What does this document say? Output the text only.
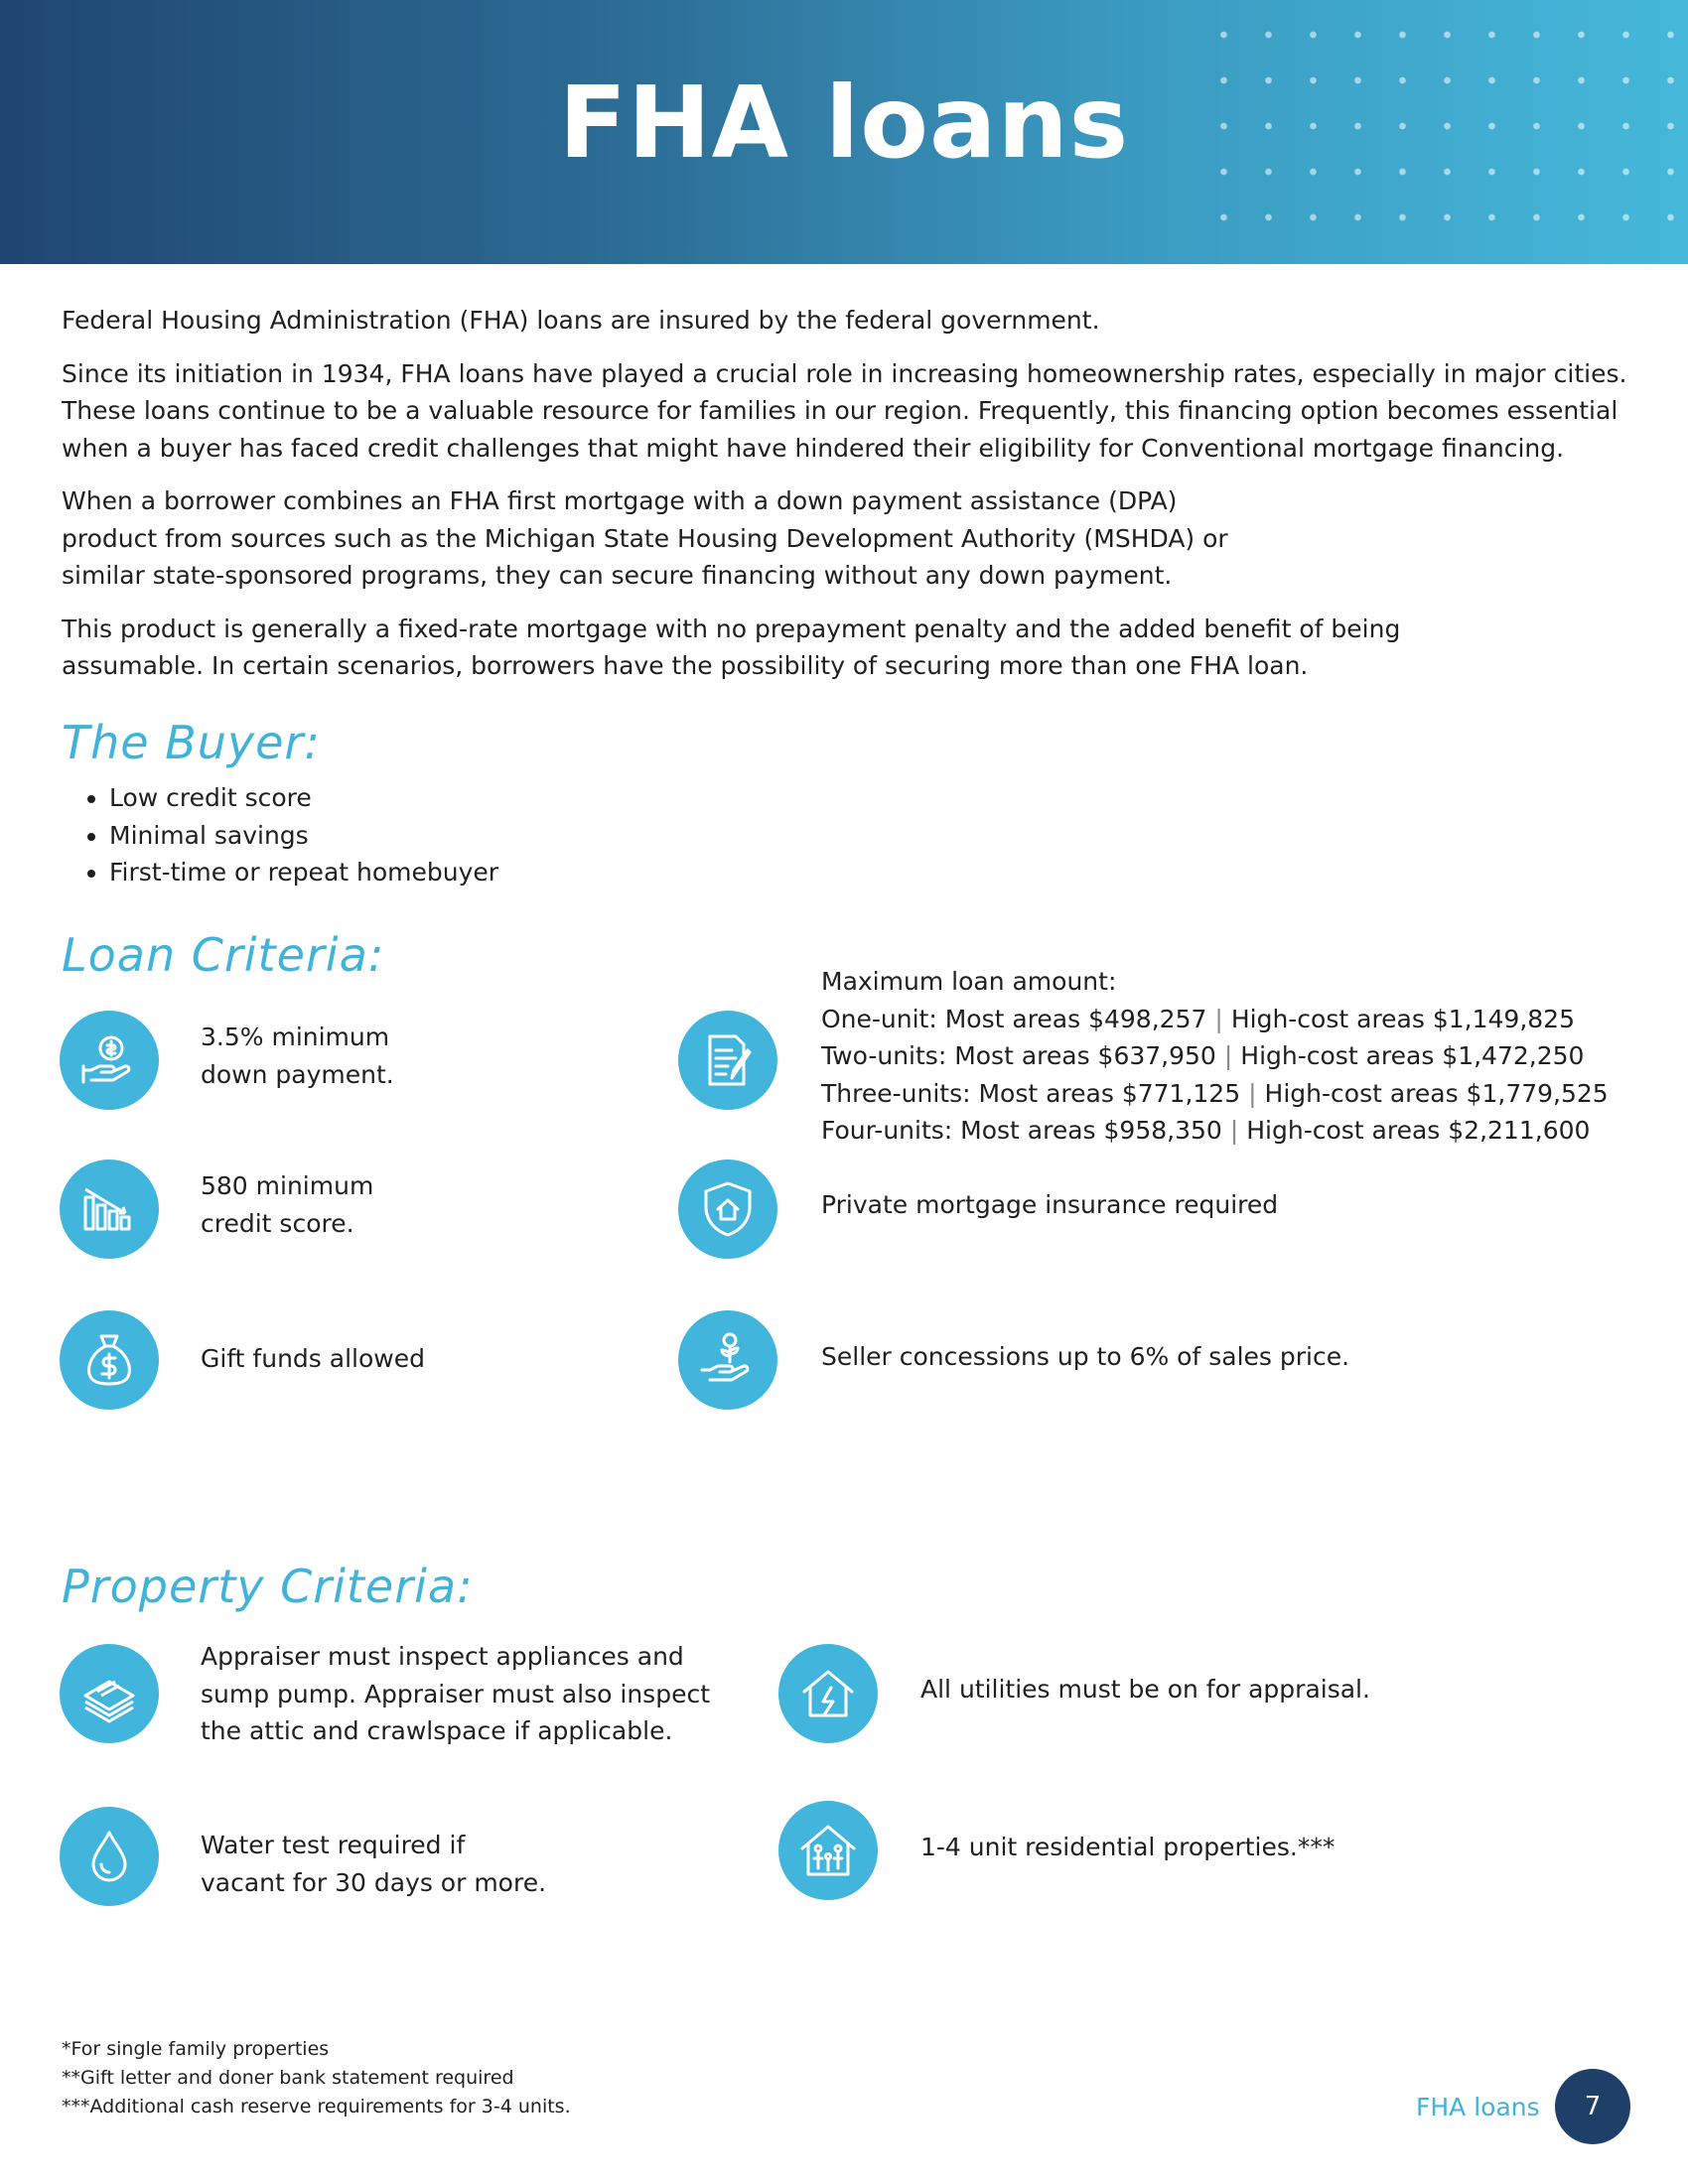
FHA loans

Federal Housing Administration (FHA) loans are insured by the federal government.

Since its initiation in 1934, FHA loans have played a crucial role in increasing homeownership rates, especially in major cities. These loans continue to be a valuable resource for families in our region. Frequently, this financing option becomes essential when a buyer has faced credit challenges that might have hindered their eligibility for Conventional mortgage financing.

When a borrower combines an FHA first mortgage with a down payment assistance (DPA) product from sources such as the Michigan State Housing Development Authority (MSHDA) or similar state-sponsored programs, they can secure financing without any down payment.

This product is generally a fixed-rate mortgage with no prepayment penalty and the added benefit of being assumable. In certain scenarios, borrowers have the possibility of securing more than one FHA loan.

The Buyer:
• Low credit score
• Minimal savings
• First-time or repeat homebuyer
Loan Criteria:
3.5% minimum
down payment.
580 minimum
credit score.
Gift funds allowed
Maximum loan amount:
One-unit: Most areas $498,257 | High-cost areas $1,149,825
Two-units: Most areas $637,950 | High-cost areas $1,472,250
Three-units: Most areas $771,125 | High-cost areas $1,779,525
Four-units: Most areas $958,350 | High-cost areas $2,211,600
Private mortgage insurance required
Seller concessions up to 6% of sales price.
Property Criteria:
Appraiser must inspect appliances and
sump pump. Appraiser must also inspect
the attic and crawlspace if applicable.
All utilities must be on for appraisal.
Water test required if
vacant for 30 days or more.
1-4 unit residential properties.***
*For single family properties
**Gift letter and doner bank statement required
***Additional cash reserve requirements for 3-4 units.	FHA loans	7
